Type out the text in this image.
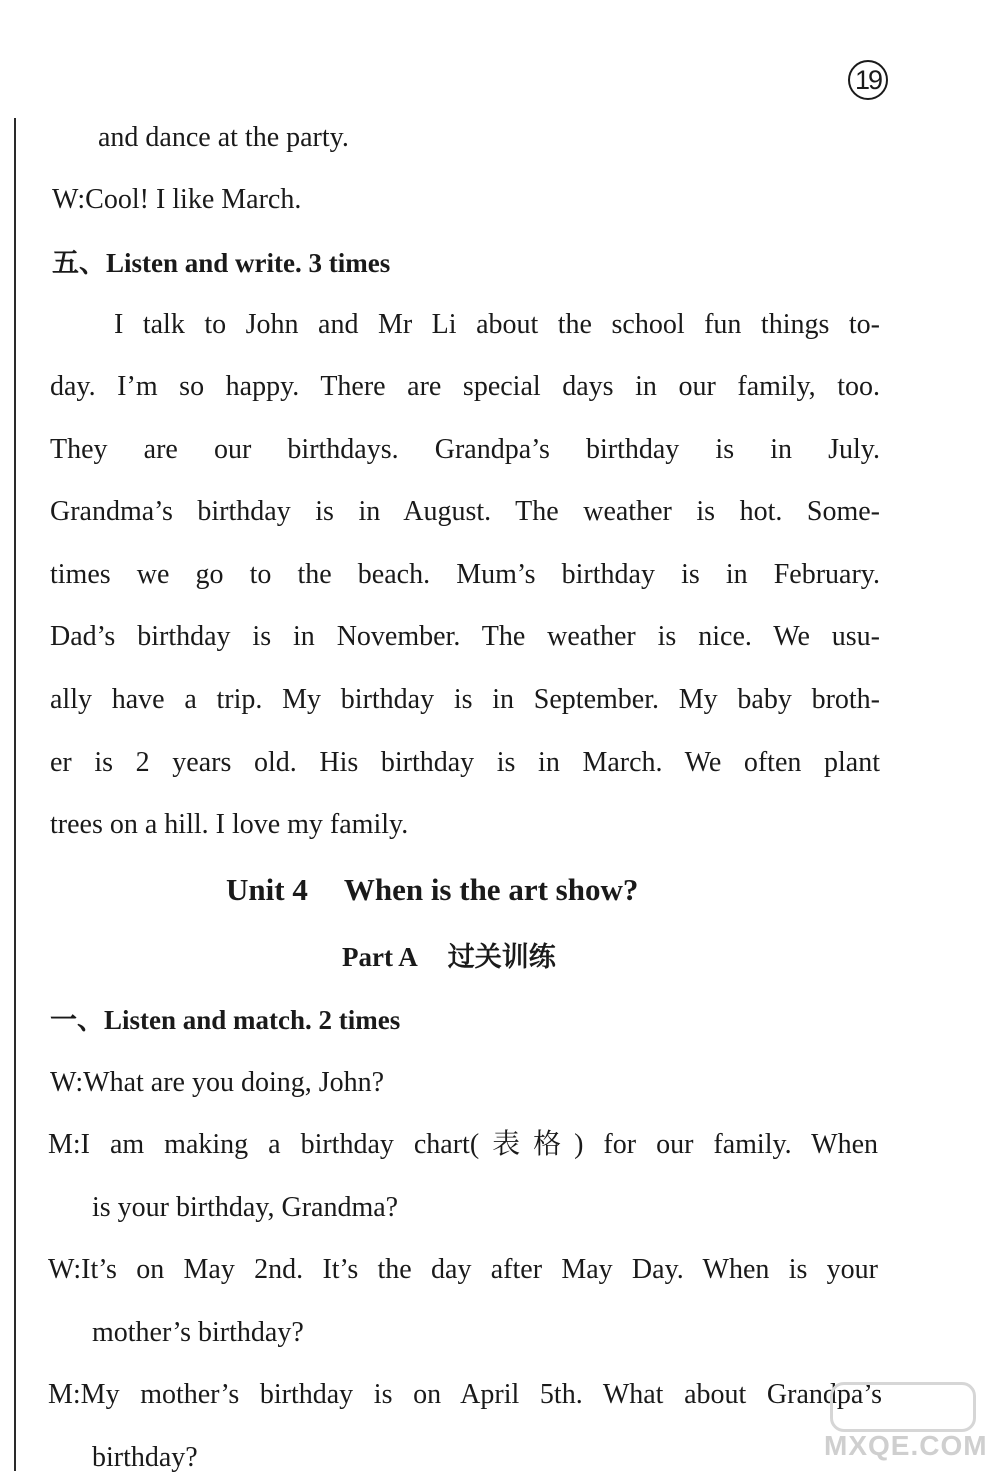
19
and dance at the party.
W:Cool! I like March.
五、Listen and write. 3 times
I talk to John and Mr Li about the school fun things to-
day. I’m so happy. There are special days in our family, too.
They are our birthdays. Grandpa’s birthday is in July.
Grandma’s birthday is in August. The weather is hot. Some-
times we go to the beach. Mum’s birthday is in February.
Dad’s birthday is in November. The weather is nice. We usu-
ally have a trip. My birthday is in September. My baby broth-
er is 2 years old. His birthday is in March. We often plant
trees on a hill. I love my family.
Unit 4 When is the art show?
Part A 过关训练
一、Listen and match. 2 times
W:What are you doing, John?
M:I am making a birthday chart(表格) for our family. When
is your birthday, Grandma?
W:It’s on May 2nd. It’s the day after May Day. When is your
mother’s birthday?
M:My mother’s birthday is on April 5th. What about Grandpa’s
birthday?	MXQE.COM
